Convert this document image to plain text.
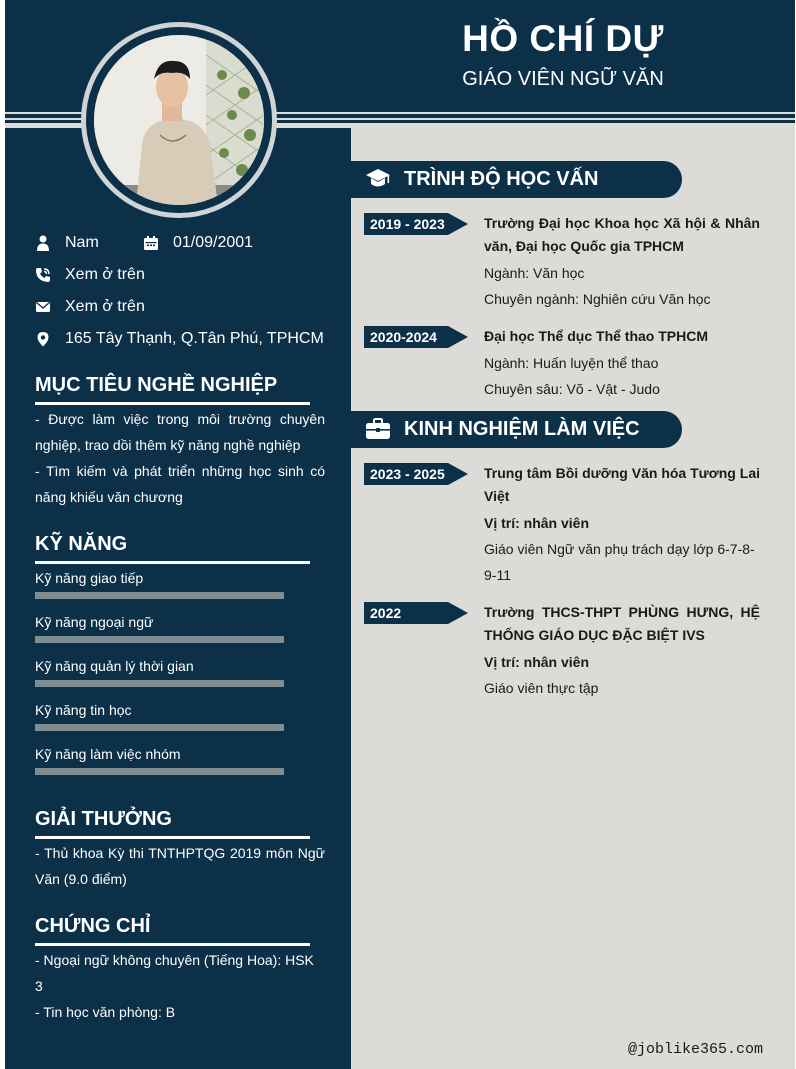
HỒ CHÍ DỰ
GIÁO VIÊN NGỮ VĂN
Nam	01/09/2001
Xem ở trên
Xem ở trên
165 Tây Thạnh, Q.Tân Phú, TPHCM
MỤC TIÊU NGHỀ NGHIỆP
- Được làm việc trong môi trường chuyên nghiệp, trao dồi thêm kỹ năng nghề nghiệp
- Tìm kiếm và phát triển những học sinh có năng khiếu văn chương
KỸ NĂNG
Kỹ năng giao tiếp
Kỹ năng ngoại ngữ
Kỹ năng quản lý thời gian
Kỹ năng tin học
Kỹ năng làm việc nhóm
GIẢI THƯỞNG
- Thủ khoa Kỳ thi TNTHPTQG 2019 môn Ngữ Văn (9.0 điểm)
CHỨNG CHỈ
- Ngoại ngữ không chuyên (Tiếng Hoa): HSK 3
- Tin học văn phòng: B
TRÌNH ĐỘ HỌC VẤN
2019 - 2023	Trường Đại học Khoa học Xã hội & Nhân văn, Đại học Quốc gia TPHCM
Ngành: Văn học
Chuyên ngành: Nghiên cứu Văn học
2020-2024	Đại học Thể dục Thể thao TPHCM
Ngành: Huấn luyện thể thao
Chuyên sâu: Võ - Vật - Judo
KINH NGHIỆM LÀM VIỆC
2023 - 2025	Trung tâm Bồi dưỡng Văn hóa Tương Lai Việt
Vị trí: nhân viên
Giáo viên Ngữ văn phụ trách dạy lớp 6-7-8-9-11
2022	Trường THCS-THPT PHÙNG HƯNG, HỆ THỐNG GIÁO DỤC ĐẶC BIỆT IVS
Vị trí: nhân viên
Giáo viên thực tập
@joblike365.com
